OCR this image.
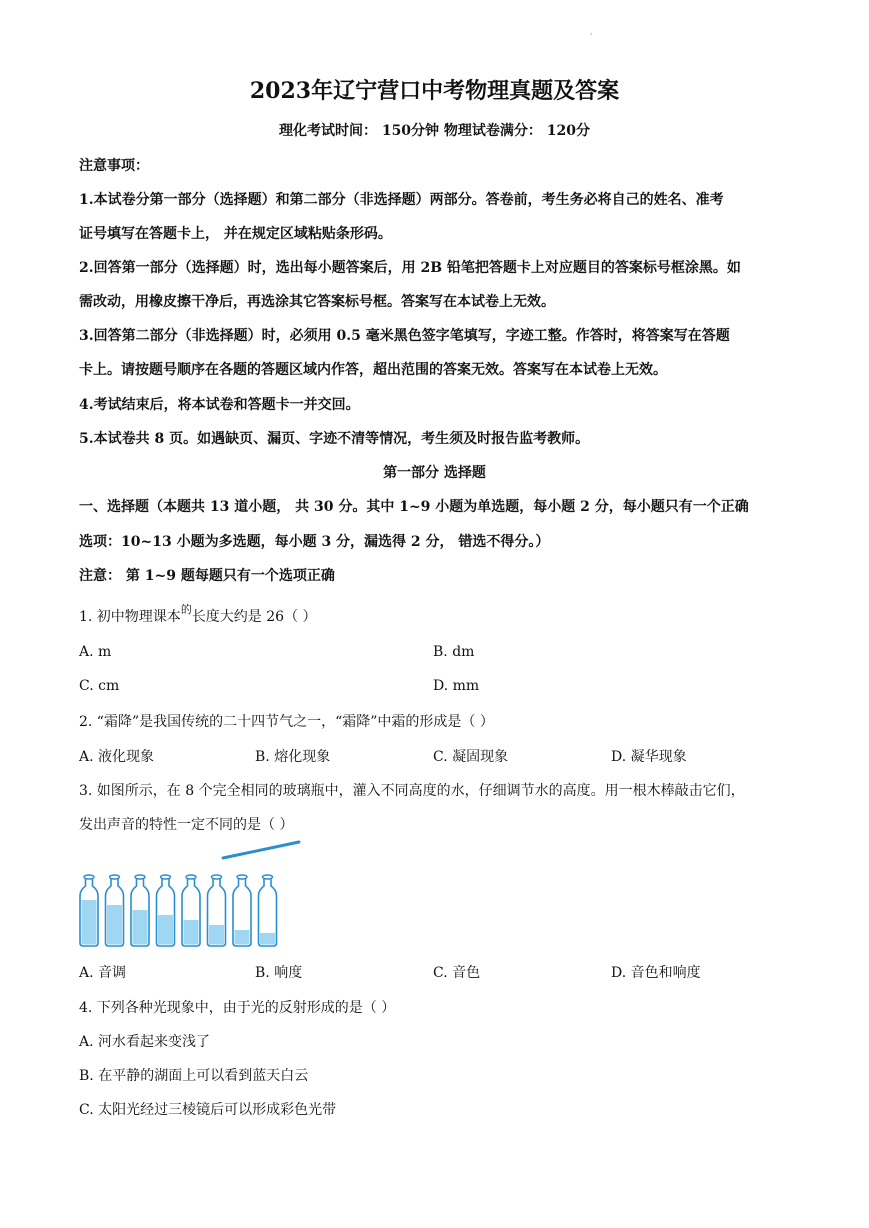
·
2023年辽宁营口中考物理真题及答案
理化考试时间： 150分钟 物理试卷满分： 120分
注意事项：
1.本试卷分第一部分（选择题）和第二部分（非选择题）两部分。答卷前，考生务必将自己的姓名、准考
证号填写在答题卡上， 并在规定区域粘贴条形码。
2.回答第一部分（选择题）时，选出每小题答案后，用 2B 铅笔把答题卡上对应题目的答案标号框涂黑。如
需改动，用橡皮擦干净后，再选涂其它答案标号框。答案写在本试卷上无效。
3.回答第二部分（非选择题）时，必须用 0.5 毫米黑色签字笔填写，字迹工整。作答时，将答案写在答题
卡上。请按题号顺序在各题的答题区域内作答，超出范围的答案无效。答案写在本试卷上无效。
4.考试结束后，将本试卷和答题卡一并交回。
5.本试卷共 8 页。如遇缺页、漏页、字迹不清等情况，考生须及时报告监考教师。
第一部分 选择题
一、选择题（本题共 13 道小题， 共 30 分。其中 1~9 小题为单选题，每小题 2 分，每小题只有一个正确
选项：10~13 小题为多选题，每小题 3 分，漏选得 2 分， 错选不得分。）
注意： 第 1~9 题每题只有一个选项正确
1. 初中物理课本$^的$长度大约是 26（ ）
A. m	B. dm
C. cm	D. mm
2. “霜降”是我国传统的二十四节气之一，“霜降”中霜的形成是（ ）
A. 液化现象	B. 熔化现象	C. 凝固现象	D. 凝华现象
3. 如图所示，在 8 个完全相同的玻璃瓶中，灌入不同高度的水，仔细调节水的高度。用一根木棒敲击它们，
发出声音的特性一定不同的是（ ）
A. 音调	B. 响度	C. 音色	D. 音色和响度
4. 下列各种光现象中，由于光的反射形成的是（ ）
A. 河水看起来变浅了
B. 在平静的湖面上可以看到蓝天白云
C. 太阳光经过三棱镜后可以形成彩色光带
